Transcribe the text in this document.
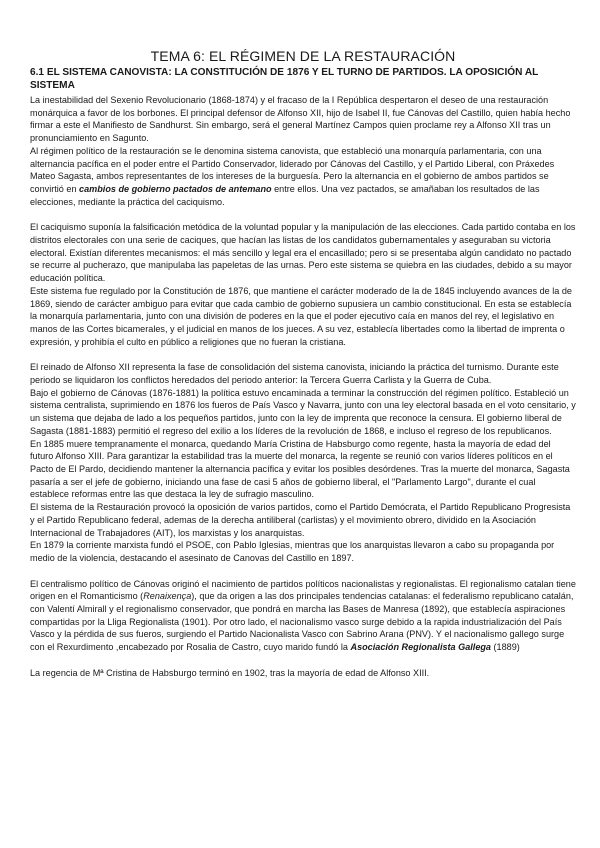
TEMA 6: EL RÉGIMEN DE LA RESTAURACIÓN
6.1 EL SISTEMA CANOVISTA: LA CONSTITUCIÓN DE 1876 Y EL TURNO DE PARTIDOS. LA OPOSICIÓN AL SISTEMA

La inestabilidad del Sexenio Revolucionario (1868-1874) y el fracaso de la I República despertaron el deseo de una restauración monárquica a favor de los borbones. El principal defensor de Alfonso XII, hijo de Isabel II, fue Cánovas del Castillo, quien había hecho firmar a este el Manifiesto de Sandhurst. Sin embargo, será el general Martínez Campos quien proclame rey a Alfonso XII tras un pronunciamiento en Sagunto.

Al régimen político de la restauración se le denomina sistema canovista, que estableció una monarquía parlamentaria, con una alternancia pacífica en el poder entre el Partido Conservador, liderado por Cánovas del Castillo, y el Partido Liberal, con Práxedes Mateo Sagasta, ambos representantes de los intereses de la burguesía. Pero la alternancia en el gobierno de ambos partidos se convirtió en cambios de gobierno pactados de antemano entre ellos. Una vez pactados, se amañaban los resultados de las elecciones, mediante la práctica del caciquismo.

El caciquismo suponía la falsificación metódica de la voluntad popular y la manipulación de las elecciones. Cada partido contaba en los distritos electorales con una serie de caciques, que hacían las listas de los candidatos gubernamentales y aseguraban su victoria electoral. Existían diferentes mecanismos: el más sencillo y legal era el encasillado; pero si se presentaba algún candidato no pactado se recurre al pucherazo, que manipulaba las papeletas de las urnas. Pero este sistema se quiebra en las ciudades, debido a su mayor educación política.

Este sistema fue regulado por la Constitución de 1876, que mantiene el carácter moderado de la de 1845 incluyendo avances de la de 1869, siendo de carácter ambiguo para evitar que cada cambio de gobierno supusiera un cambio constitucional. En esta se establecía la monarquía parlamentaria, junto con una división de poderes en la que el poder ejecutivo caía en manos del rey, el legislativo en manos de las Cortes bicamerales, y el judicial en manos de los jueces. A su vez, establecía libertades como la libertad de imprenta o expresión, y prohibía el culto en público a religiones que no fueran la cristiana.

El reinado de Alfonso XII representa la fase de consolidación del sistema canovista, iniciando la práctica del turnismo. Durante este periodo se liquidaron los conflictos heredados del periodo anterior: la Tercera Guerra Carlista y la Guerra de Cuba.

Bajo el gobierno de Cánovas (1876-1881) la política estuvo encaminada a terminar la construcción del régimen político. Estableció un sistema centralista, suprimiendo en 1876 los fueros de País Vasco y Navarra, junto con una ley electoral basada en el voto censitario, y un sistema que dejaba de lado a los pequeños partidos, junto con la ley de imprenta que reconoce la censura. El gobierno liberal de Sagasta (1881-1883) permitió el regreso del exilio a los líderes de la revolución de 1868, e incluso el regreso de los republicanos.

En 1885 muere tempranamente el monarca, quedando María Cristina de Habsburgo como regente, hasta la mayoría de edad del futuro Alfonso XIII. Para garantizar la estabilidad tras la muerte del monarca, la regente se reunió con varios líderes políticos en el Pacto de El Pardo, decidiendo mantener la alternancia pacífica y evitar los posibles desórdenes. Tras la muerte del monarca, Sagasta pasaría a ser el jefe de gobierno, iniciando una fase de casi 5 años de gobierno liberal, el "Parlamento Largo", durante el cual establece reformas entre las que destaca la ley de sufragio masculino.

El sistema de la Restauración provocó la oposición de varios partidos, como el Partido Demócrata, el Partido Republicano Progresista y el Partido Republicano federal, ademas de la derecha antiliberal (carlistas) y el movimiento obrero, dividido en la Asociación Internacional de Trabajadores (AIT), los marxistas y los anarquistas.

En 1879 la corriente marxista fundó el PSOE, con Pablo Iglesias, mientras que los anarquistas llevaron a cabo su propaganda por medio de la violencia, destacando el asesinato de Canovas del Castillo en 1897.

El centralismo político de Cánovas originó el nacimiento de partidos políticos nacionalistas y regionalistas. El regionalismo catalan tiene origen en el Romanticismo (Renaixença), que da origen a las dos principales tendencias catalanas: el federalismo republicano catalán, con Valentí Almirall y el regionalismo conservador, que pondrá en marcha las Bases de Manresa (1892), que establecía aspiraciones compartidas por la Lliga Regionalista (1901). Por otro lado, el nacionalismo vasco surge debido a la rapida industrialización del País Vasco y la pérdida de sus fueros, surgiendo el Partido Nacionalista Vasco con Sabrino Arana (PNV). Y el nacionalismo gallego surge con el Rexurdimento ,encabezado por Rosalia de Castro, cuyo marido fundó la Asociación Regionalista Gallega (1889)

La regencia de Mª Cristina de Habsburgo terminó en 1902, tras la mayoría de edad de Alfonso XIII.
